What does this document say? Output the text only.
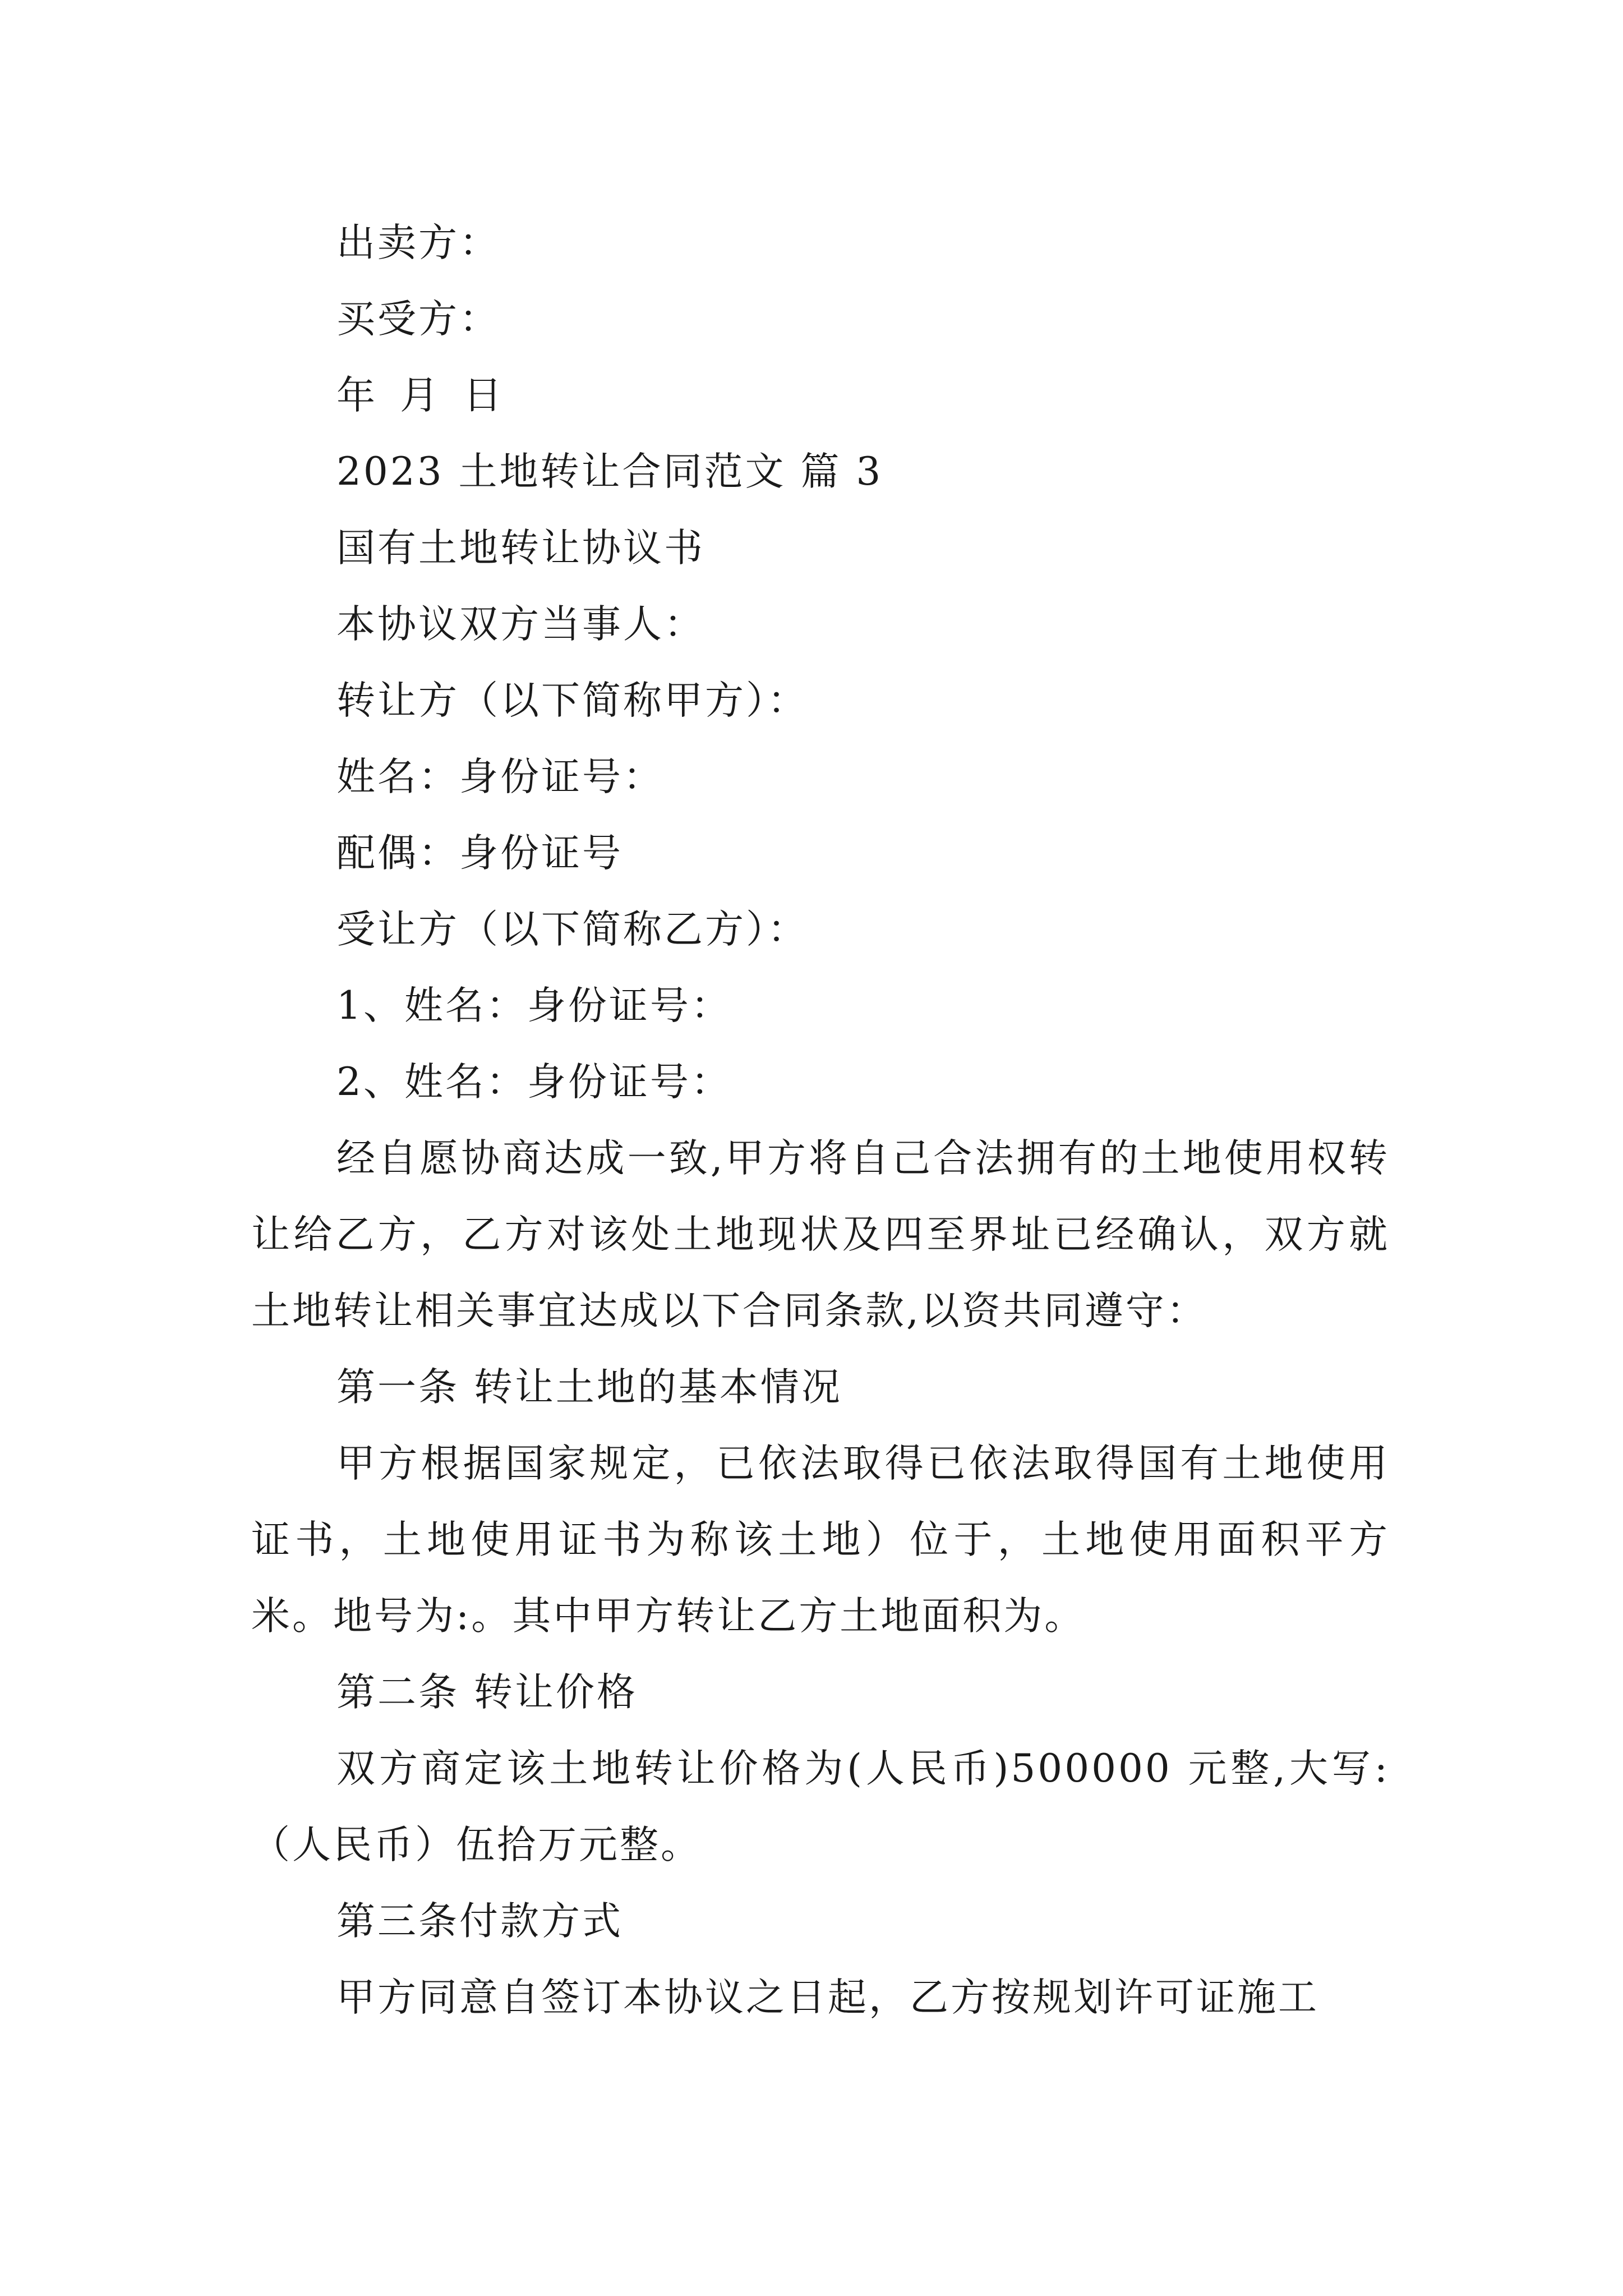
出卖方：
买受方：
年 月 日
2023 土地转让合同范文 篇 3
国有土地转让协议书
本协议双方当事人：
转让方（以下简称甲方）：
姓名：身份证号：
配偶：身份证号
受让方（以下简称乙方）：
1、姓名：身份证号：
2、姓名：身份证号：
经自愿协商达成一致,甲方将自己合法拥有的土地使用权转让给乙方，乙方对该处土地现状及四至界址已经确认，双方就土地转让相关事宜达成以下合同条款,以资共同遵守：
第一条 转让土地的基本情况
甲方根据国家规定，已依法取得已依法取得国有土地使用证书，土地使用证书为称该土地）位于，土地使用面积平方米。地号为:。其中甲方转让乙方土地面积为。
第二条 转让价格
双方商定该土地转让价格为(人民币)500000 元整,大写:（人民币）伍拾万元整。
第三条付款方式
甲方同意自签订本协议之日起，乙方按规划许可证施工
